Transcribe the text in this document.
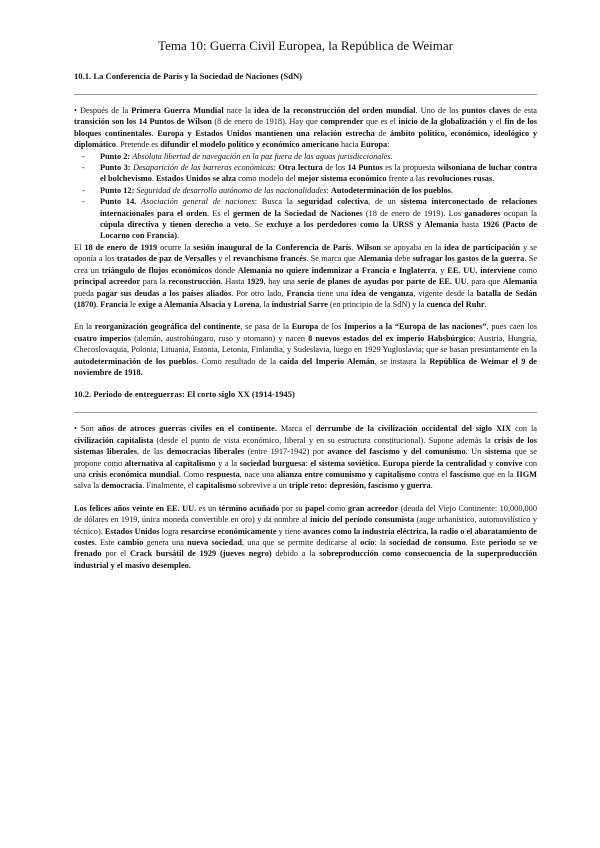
Tema 10: Guerra Civil Europea, la República de Weimar
10.1. La Conferencia de París y la Sociedad de Naciones (SdN)

• Después de la Primera Guerra Mundial nace la idea de la reconstrucción del orden mundial. Uno de los puntos claves de esta transición son los 14 Puntos de Wilson (8 de enero de 1918). Hay que comprender que es el inicio de la globalización y el fin de los bloques continentales. Europa y Estados Unidos mantienen una relación estrecha de ámbito político, económico, ideológico y diplomático. Pretende es difundir el modelo político y económico americano hacia Europa:

- Punto 2: Absoluta libertad de navegación en la paz fuera de las aguas jurisdiccionales.
- Punto 3: Desaparición de las barreras económicas: Otra lectura de los 14 Puntos es la propuesta wilsoniana de luchar contra el bolchevismo. Estados Unidos se alza como modelo del mejor sistema económico frente a las revoluciones rusas.
- Punto 12: Seguridad de desarrollo autónomo de las nacionalidades: Autodeterminación de los pueblos.
- Punto 14. Asociación general de naciones: Busca la seguridad colectiva, de un sistema interconectado de relaciones internacionales para el orden. Es el germen de la Sociedad de Naciones (18 de enero de 1919). Los ganadores ocupan la cúpula directiva y tienen derecho a veto. Se excluye a los perdedores como la URSS y Alemania hasta 1926 (Pacto de Locarno con Francia).

El 18 de enero de 1919 ocurre la sesión inaugural de la Conferencia de París. Wilson se apoyaba en la idea de participación y se oponía a los tratados de paz de Versalles y el revanchismo francés. Se marca que Alemania debe sufragar los gastos de la guerra. Se crea un triángulo de flujos económicos donde Alemania no quiere indemnizar a Francia e Inglaterra, y EE. UU. interviene como principal acreedor para la reconstrucción. Hasta 1929, hay una serie de planes de ayudas por parte de EE. UU. para que Alemania pueda pagar sus deudas a los países aliados. Por otro lado, Francia tiene una idea de venganza, vigente desde la batalla de Sedán (1870). Francia le exige a Alemania Alsacia y Lorena, la industrial Sarre (en principio de la SdN) y la cuenca del Ruhr.

En la reorganización geográfica del continente, se pasa de la Europa de los Imperios a la “Europa de las naciones”, pues caen los cuatro imperios (alemán, austrohúngaro, ruso y otomano) y nacen 8 nuevos estados del ex imperio Habsbúrgico: Austria, Hungría, Checoslovaquia, Polonia, Lituania, Estonia, Letonia, Finlandia, y Sudeslavia, luego en 1929 Yugloslavia; que se basan presuntamente en la autodeterminación de los pueblos. Como resultado de la caída del Imperio Alemán, se instaura la República de Weimar el 9 de noviembre de 1918.

10.2. Periodo de entreguerras: El corto siglo XX (1914-1945)

• Son años de atroces guerras civiles en el continente. Marca el derrumbe de la civilización occidental del siglo XIX con la civilización capitalista (desde el punto de vista económico, liberal y en su estructura constitucional). Supone además la crisis de los sistemas liberales, de las democracias liberales (entre 1917-1942) por avance del fascismo y del comunismo. Un sistema que se propone como alternativa al capitalismo y a la sociedad burguesa: el sistema soviético. Europa pierde la centralidad y convive con una crisis económica mundial. Como respuesta, nace una alianza entre comunismo y capitalismo contra el fascismo que en la IIGM salva la democracia. Finalmente, el capitalismo sobrevive a un triple reto: depresión, fascismo y guerra.

Los felices años veinte en EE. UU. es un término acuñado por su papel como gran acreedor (deuda del Viejo Continente: 10,000,000 de dólares en 1919, única moneda convertible en oro) y da nombre al inicio del período consumista (auge urbanístico, automovilístico y técnico). Estados Unidos logra resarcirse económicamente y tiene avances como la industria eléctrica, la radio o el abaratamiento de costes. Este cambio genera una nueva sociedad, una que se permite dedicarse al ocio: la sociedad de consumo. Este periodo se ve frenado por el Crack bursátil de 1929 (jueves negro) debido a la sobreproducción como consecuencia de la superproducción industrial y el masivo desempleo.
